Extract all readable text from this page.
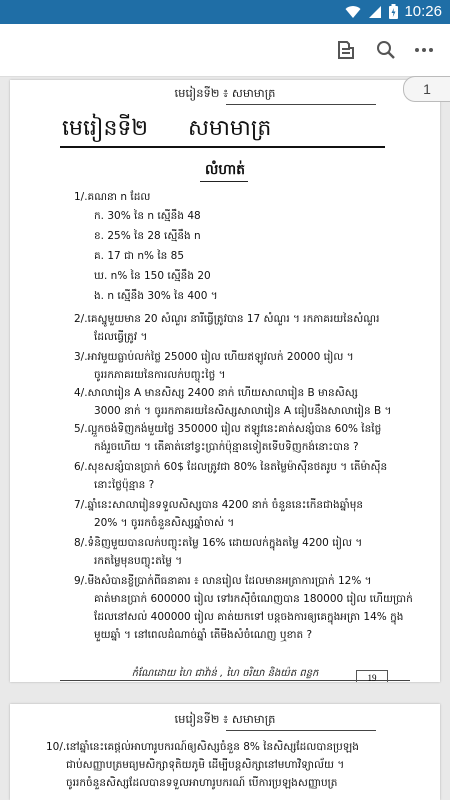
10:26
មេរៀនទី២ ៖ សមាមាត្រ
មេរៀនទី២ សមាមាត្រ
លំហាត់
1/.គណនា n ដែល
ក. 30% នៃ n ស្មើនឹង 48
ខ. 25% នៃ 28 ស្មើនឹង n
គ. 17 ជា n% នៃ 85
ឃ. n% នៃ 150 ស្មើនឹង 20
ង. n ស្មើនឹង 30% នៃ 400 ។
2/.គេស្នូមួយមាន 20 សំណួរ នារីធ្វើត្រូវបាន 17 សំណួរ ។ រកភាគរយនៃសំណួរ
ដែលធ្វើត្រូវ ។
3/.អាវមួយធ្លាប់លក់ថ្លៃ 25000 រៀល ហើយឥឡូវលក់ 20000 រៀល ។
ចូររកភាគរយនៃការលក់បញ្ចុះថ្លៃ ។
4/.សាលារៀន A មានសិស្ស 2400 នាក់ ហើយសាលារៀន B មានសិស្ស
3000 នាក់ ។ ចូររកភាគរយនៃសិស្សសាលារៀន A ធៀបនឹងសាលារៀន B ។
5/.ល្អួកចង់ទិញកង់មួយថ្លៃ 350000 រៀល ឥឡូវនេះគាត់សន្សំបាន 60% នៃថ្លៃ
កង់រួចហើយ ។ តើគាត់នៅខ្វះប្រាក់ប៉ុន្មានទៀតទើបទិញកង់នោះបាន ?
6/.សុខសន្សំបានប្រាក់ 60$ ដែលត្រូវជា 80% នៃតម្លៃម៉ាស៊ីនថតរូប ។ តើម៉ាស៊ីន
នោះថ្លៃប៉ុន្មាន ?
7/.ឆ្នាំនេះសាលារៀនទទួលសិស្សបាន 4200 នាក់ ចំនួននេះកើនជាងឆ្នាំមុន
20% ។ ចូររកចំនួនសិស្សឆ្នាំចាស់ ។
8/.ទំនិញមួយបានលក់បញ្ចុះតម្លៃ 16% ដោយលក់ក្នុងតម្លៃ 4200 រៀល ។
រកតម្លៃមុនបញ្ចុះតម្លៃ ។
9/.មីងសំបានខ្ចីប្រាក់ពីធនាគារ ៖ លានរៀល ដែលមានអត្រាការប្រាក់ 12% ។
គាត់មានប្រាក់ 600000 រៀល ទៅរកស៊ីចំណេញបាន 180000 រៀល ហើយប្រាក់
ដែលនៅសល់ 400000 រៀល គាត់យកទៅ បន្តចងការឲ្យគេក្នុងអត្រា 14% ក្នុង
មួយឆ្នាំ ។ នៅពេលដំណាច់ឆ្នាំ តើមីងសំចំណេញ ឬខាត ?
កំណែដោយ ហៃ ជាវ៉ាន់ , ហៃ ចរិយា និងយ៉ត ពន្លក	19
1
មេរៀនទី២ ៖ សមាមាត្រ
10/.នៅឆ្នាំនេះគេផ្តល់អាហារូបករណ៍ឲ្យសិស្សចំនួន 8% នៃសិស្សដែលបានប្រឡង
ជាប់សញ្ញាបត្រមធ្យមសិក្សាទុតិយភូមិ ដើម្បីបន្តសិក្សានៅមហាវិទ្យាល័យ ។
ចូររកចំនួនសិស្សដែលបានទទួលអាហារូបករណ៍ បើការប្រឡងសញ្ញាបត្រ
